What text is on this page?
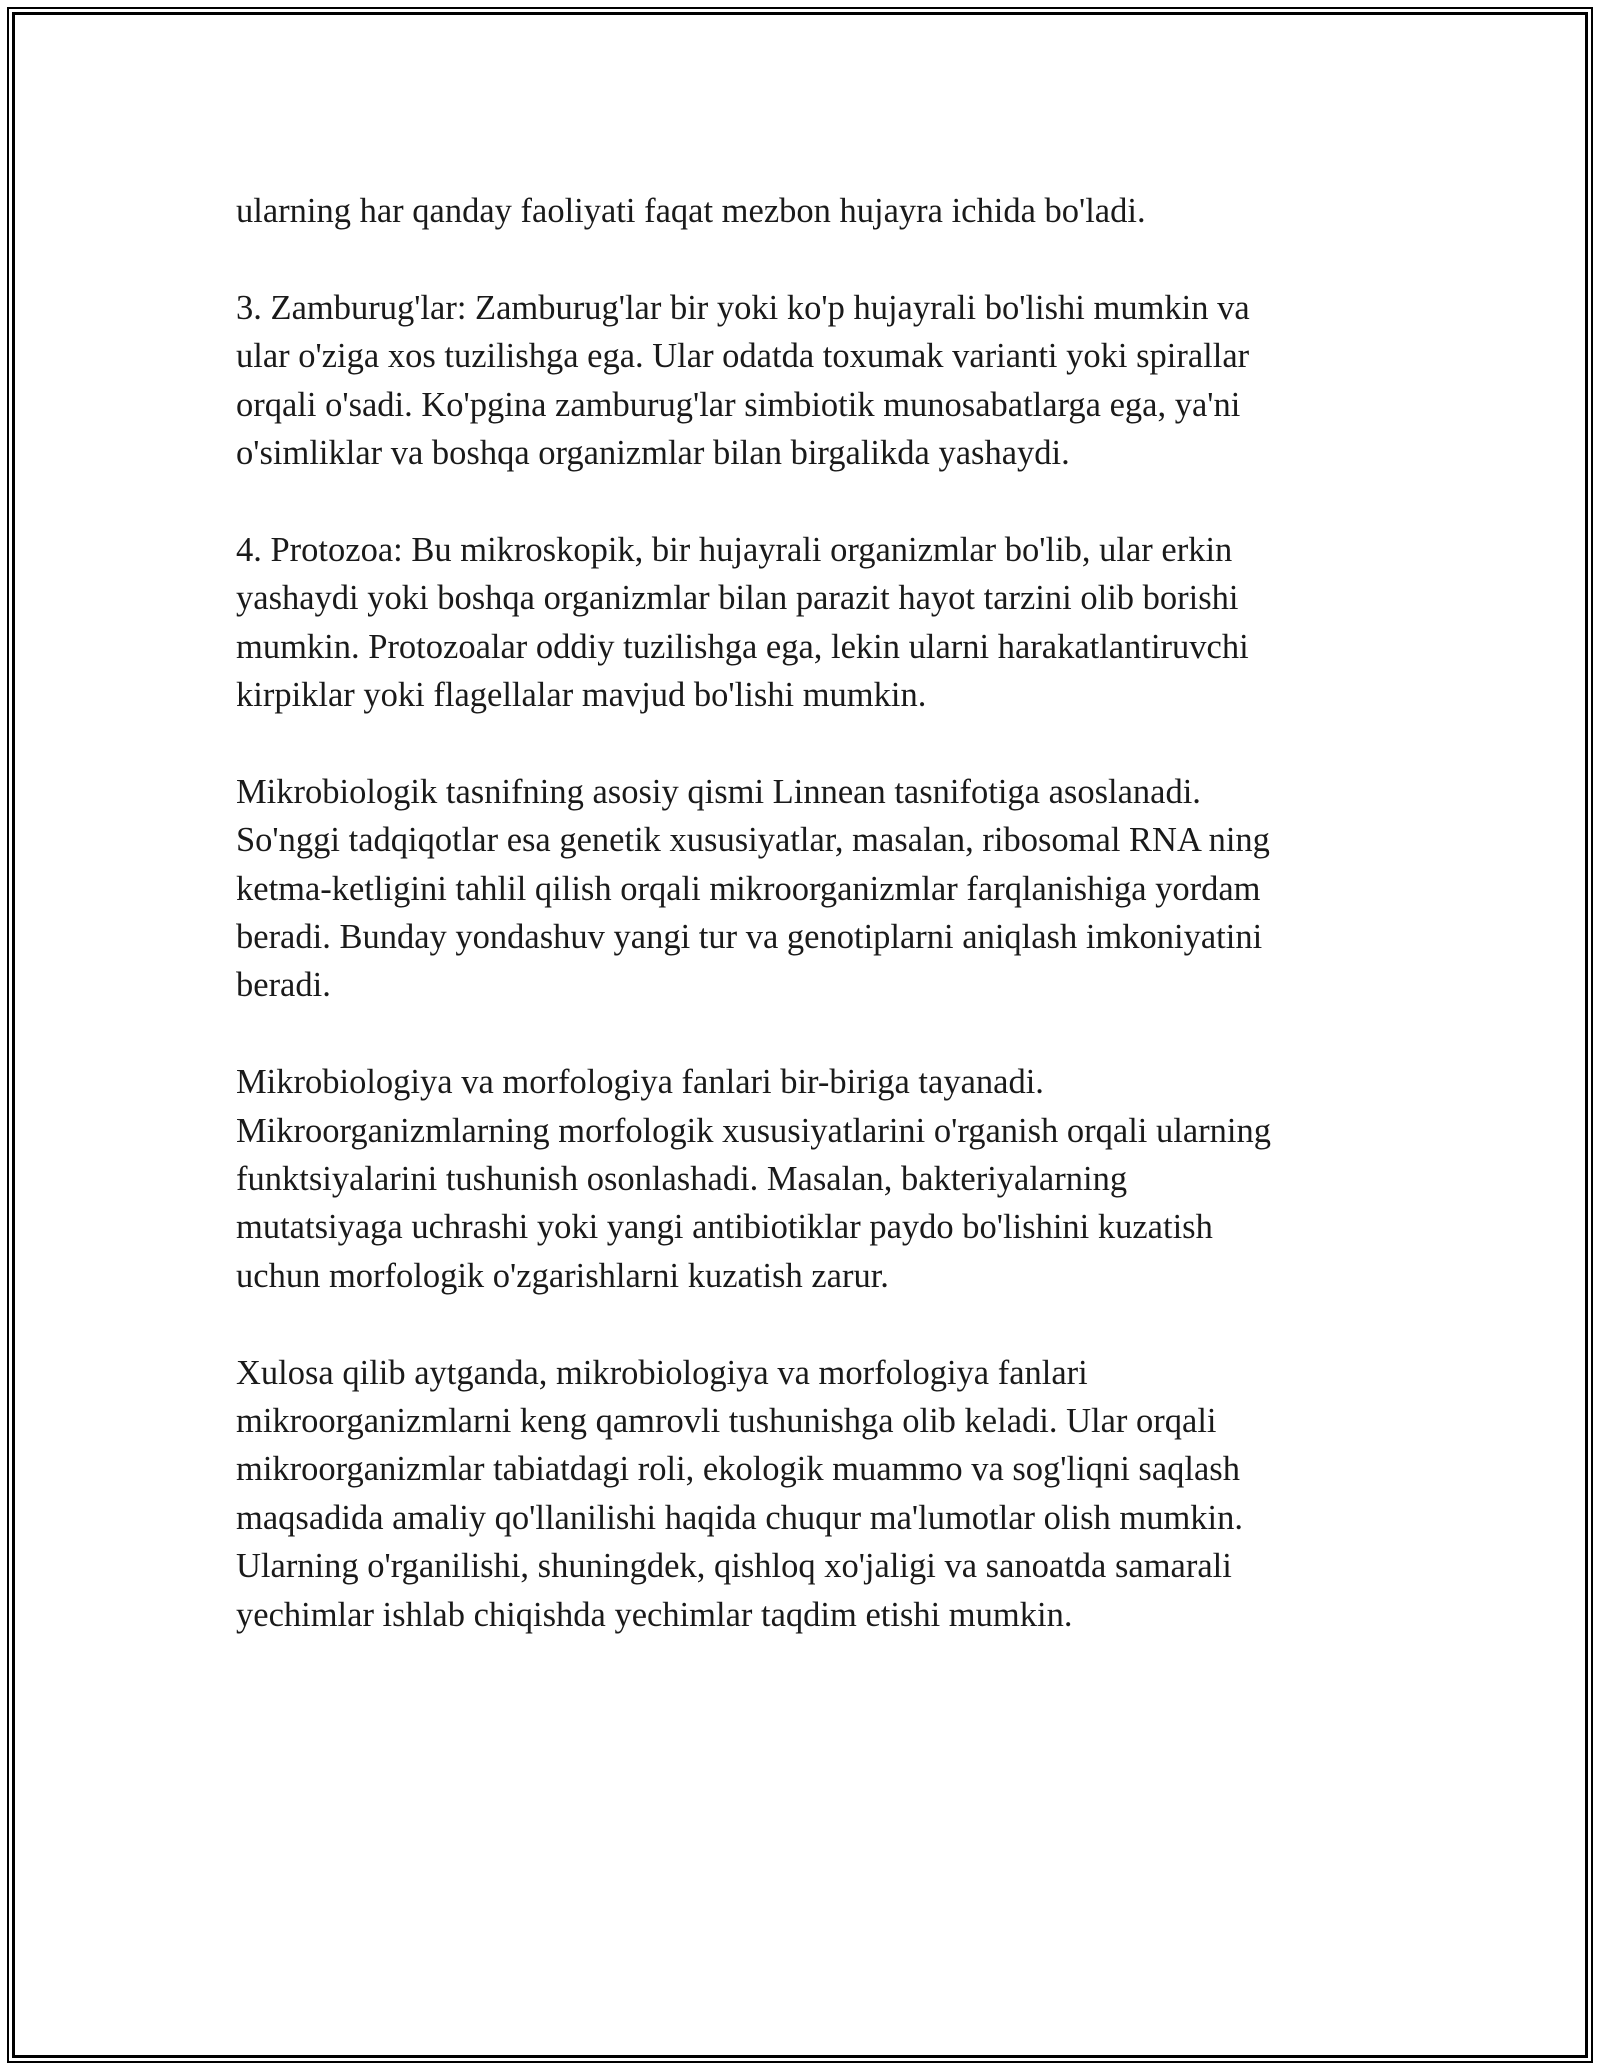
ularning har qanday faoliyati faqat mezbon hujayra ichida bo'ladi.

3. Zamburug'lar: Zamburug'lar bir yoki ko'p hujayrali bo'lishi mumkin va
ular o'ziga xos tuzilishga ega. Ular odatda toxumak varianti yoki spirallar
orqali o'sadi. Ko'pgina zamburug'lar simbiotik munosabatlarga ega, ya'ni
o'simliklar va boshqa organizmlar bilan birgalikda yashaydi.

4. Protozoa: Bu mikroskopik, bir hujayrali organizmlar bo'lib, ular erkin
yashaydi yoki boshqa organizmlar bilan parazit hayot tarzini olib borishi
mumkin. Protozoalar oddiy tuzilishga ega, lekin ularni harakatlantiruvchi
kirpiklar yoki flagellalar mavjud bo'lishi mumkin.

Mikrobiologik tasnifning asosiy qismi Linnean tasnifotiga asoslanadi.
So'nggi tadqiqotlar esa genetik xususiyatlar, masalan, ribosomal RNA ning
ketma-ketligini tahlil qilish orqali mikroorganizmlar farqlanishiga yordam
beradi. Bunday yondashuv yangi tur va genotiplarni aniqlash imkoniyatini
beradi.

Mikrobiologiya va morfologiya fanlari bir-biriga tayanadi.
Mikroorganizmlarning morfologik xususiyatlarini o'rganish orqali ularning
funktsiyalarini tushunish osonlashadi. Masalan, bakteriyalarning
mutatsiyaga uchrashi yoki yangi antibiotiklar paydo bo'lishini kuzatish
uchun morfologik o'zgarishlarni kuzatish zarur.

Xulosa qilib aytganda, mikrobiologiya va morfologiya fanlari
mikroorganizmlarni keng qamrovli tushunishga olib keladi. Ular orqali
mikroorganizmlar tabiatdagi roli, ekologik muammo va sog'liqni saqlash
maqsadida amaliy qo'llanilishi haqida chuqur ma'lumotlar olish mumkin.
Ularning o'rganilishi, shuningdek, qishloq xo'jaligi va sanoatda samarali
yechimlar ishlab chiqishda yechimlar taqdim etishi mumkin.
